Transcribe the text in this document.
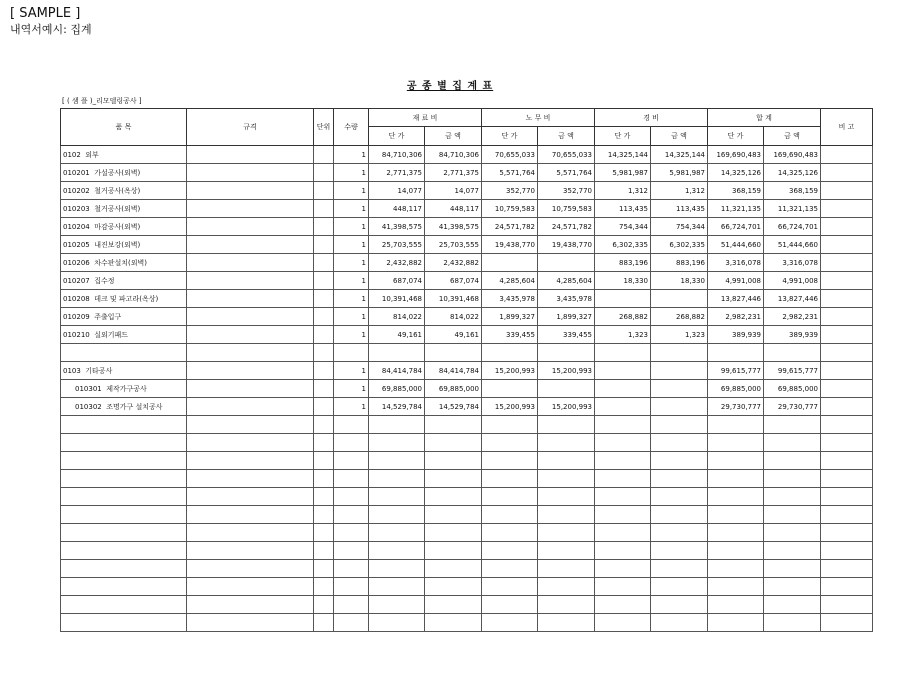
[ SAMPLE ]
내역서예시: 집계
공 종 별 집 계 표
[ ( 샘 플 )_리모델링공사 ]
품 목	규격	단위	수량	재 료 비		노 무 비		경 비		합 계		비 고
				단 가	금 액	단 가	금 액	단 가	금 액	단 가	금 액	
0102 외부			1	84,710,306	84,710,306	70,655,033	70,655,033	14,325,144	14,325,144	169,690,483	169,690,483	
010201 가설공사(외벽)			1	2,771,375	2,771,375	5,571,764	5,571,764	5,981,987	5,981,987	14,325,126	14,325,126	
010202 철거공사(옥상)			1	14,077	14,077	352,770	352,770	1,312	1,312	368,159	368,159	
010203 철거공사(외벽)			1	448,117	448,117	10,759,583	10,759,583	113,435	113,435	11,321,135	11,321,135	
010204 마감공사(외벽)			1	41,398,575	41,398,575	24,571,782	24,571,782	754,344	754,344	66,724,701	66,724,701	
010205 내진보강(외벽)			1	25,703,555	25,703,555	19,438,770	19,438,770	6,302,335	6,302,335	51,444,660	51,444,660	
010206 차수판설치(외벽)			1	2,432,882	2,432,882			883,196	883,196	3,316,078	3,316,078	
010207 집수정			1	687,074	687,074	4,285,604	4,285,604	18,330	18,330	4,991,008	4,991,008	
010208 데크 및 파고라(옥상)			1	10,391,468	10,391,468	3,435,978	3,435,978			13,827,446	13,827,446	
010209 주출입구			1	814,022	814,022	1,899,327	1,899,327	268,882	268,882	2,982,231	2,982,231	
010210 실외기패드			1	49,161	49,161	339,455	339,455	1,323	1,323	389,939	389,939	

0103 기타공사			1	84,414,784	84,414,784	15,200,993	15,200,993			99,615,777	99,615,777	
010301 제작가구공사			1	69,885,000	69,885,000					69,885,000	69,885,000	
010302 조명가구 설치공사			1	14,529,784	14,529,784	15,200,993	15,200,993			29,730,777	29,730,777	
